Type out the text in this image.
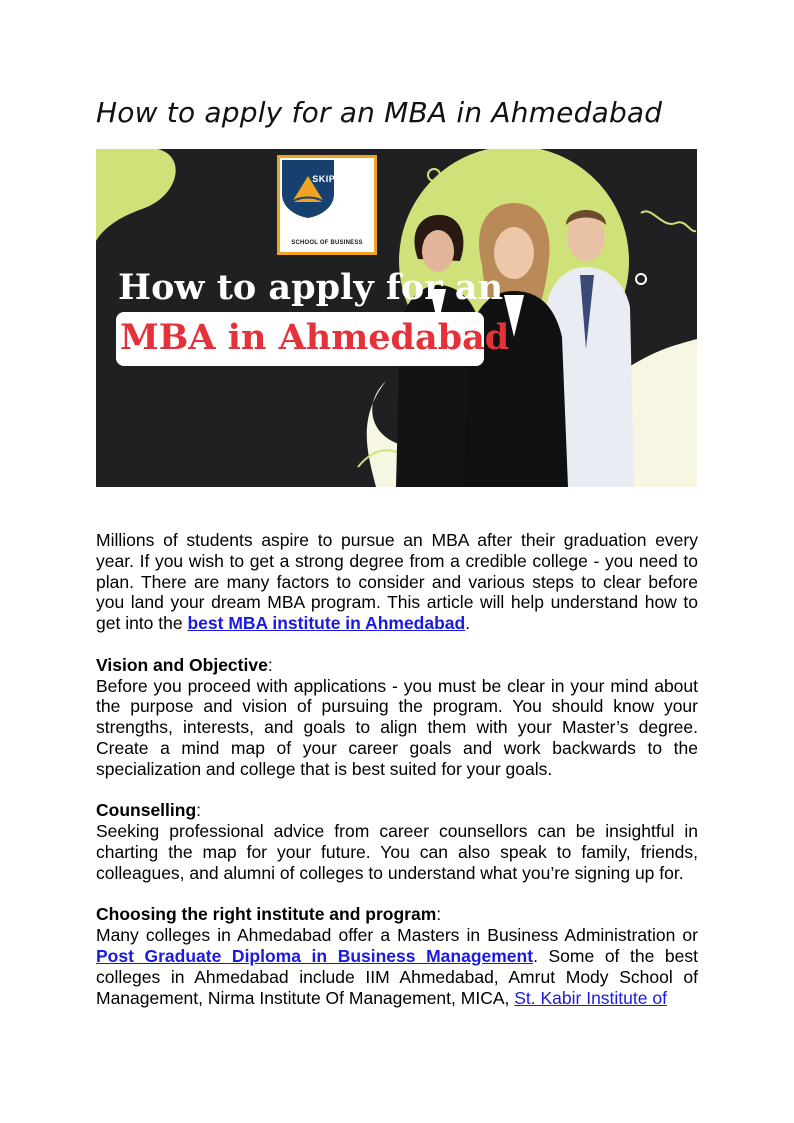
How to apply for an MBA in Ahmedabad
SKIPS
SCHOOL OF BUSINESS
How to apply for an
MBA in Ahmedabad

Millions of students aspire to pursue an MBA after their graduation every year. If you wish to get a strong degree from a credible college - you need to plan. There are many factors to consider and various steps to clear before you land your dream MBA program. This article will help understand how to get into the best MBA institute in Ahmedabad.

Vision and Objective:

Before you proceed with applications - you must be clear in your mind about the purpose and vision of pursuing the program. You should know your strengths, interests, and goals to align them with your Master’s degree. Create a mind map of your career goals and work backwards to the specialization and college that is best suited for your goals.

Counselling:

Seeking professional advice from career counsellors can be insightful in charting the map for your future. You can also speak to family, friends, colleagues, and alumni of colleges to understand what you’re signing up for.

Choosing the right institute and program:

Many colleges in Ahmedabad offer a Masters in Business Administration or Post Graduate Diploma in Business Management. Some of the best colleges in Ahmedabad include IIM Ahmedabad, Amrut Mody School of Management, Nirma Institute Of Management, MICA, St. Kabir Institute of
